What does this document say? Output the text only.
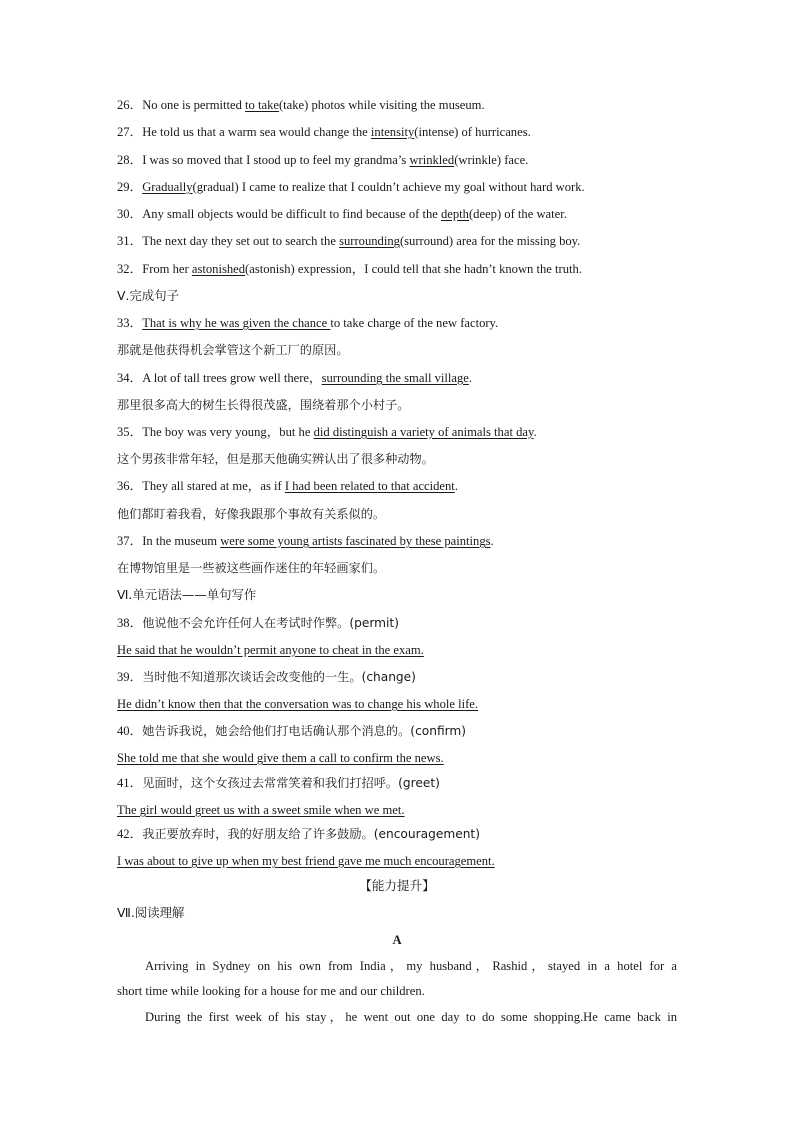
26．No one is permitted to take(take) photos while visiting the museum.
27．He told us that a warm sea would change the intensity(intense) of hurricanes.
28．I was so moved that I stood up to feel my grandma’s wrinkled(wrinkle) face.
29．Gradually(gradual) I came to realize that I couldn’t achieve my goal without hard work.
30．Any small objects would be difficult to find because of the depth(deep) of the water.
31．The next day they set out to search the surrounding(surround) area for the missing boy.
32．From her astonished(astonish) expression，I could tell that she hadn’t known the truth.
Ⅴ.完成句子
33．That is why he was given the chance to take charge of the new factory.
那就是他获得机会掌管这个新工厂的原因。
34．A lot of tall trees grow well there，surrounding the small village.
那里很多高大的树生长得很茂盛，围绕着那个小村子。
35．The boy was very young，but he did distinguish a variety of animals that day.
这个男孩非常年轻，但是那天他确实辨认出了很多种动物。
36．They all stared at me，as if I had been related to that accident.
他们都盯着我看，好像我跟那个事故有关系似的。
37．In the museum were some young artists fascinated by these paintings.
在博物馆里是一些被这些画作迷住的年轻画家们。
Ⅵ.单元语法——单句写作
38．他说他不会允许任何人在考试时作弊。(permit)
He said that he wouldn’t permit anyone to cheat in the exam.
39．当时他不知道那次谈话会改变他的一生。(change)
He didn’t know then that the conversation was to change his whole life.
40．她告诉我说，她会给他们打电话确认那个消息的。(confirm)
She told me that she would give them a call to confirm the news.
41．见面时，这个女孩过去常常笑着和我们打招呼。(greet)
The girl would greet us with a sweet smile when we met.
42．我正要放弃时，我的好朋友给了许多鼓励。(encouragement)
I was about to give up when my best friend gave me much encouragement.
【能力提升】
Ⅶ.阅读理解
A
Arriving in Sydney on his own from India，my husband，Rashid，stayed in a hotel for a
short time while looking for a house for me and our children.
During the first week of his stay，he went out one day to do some shopping.He came back in
